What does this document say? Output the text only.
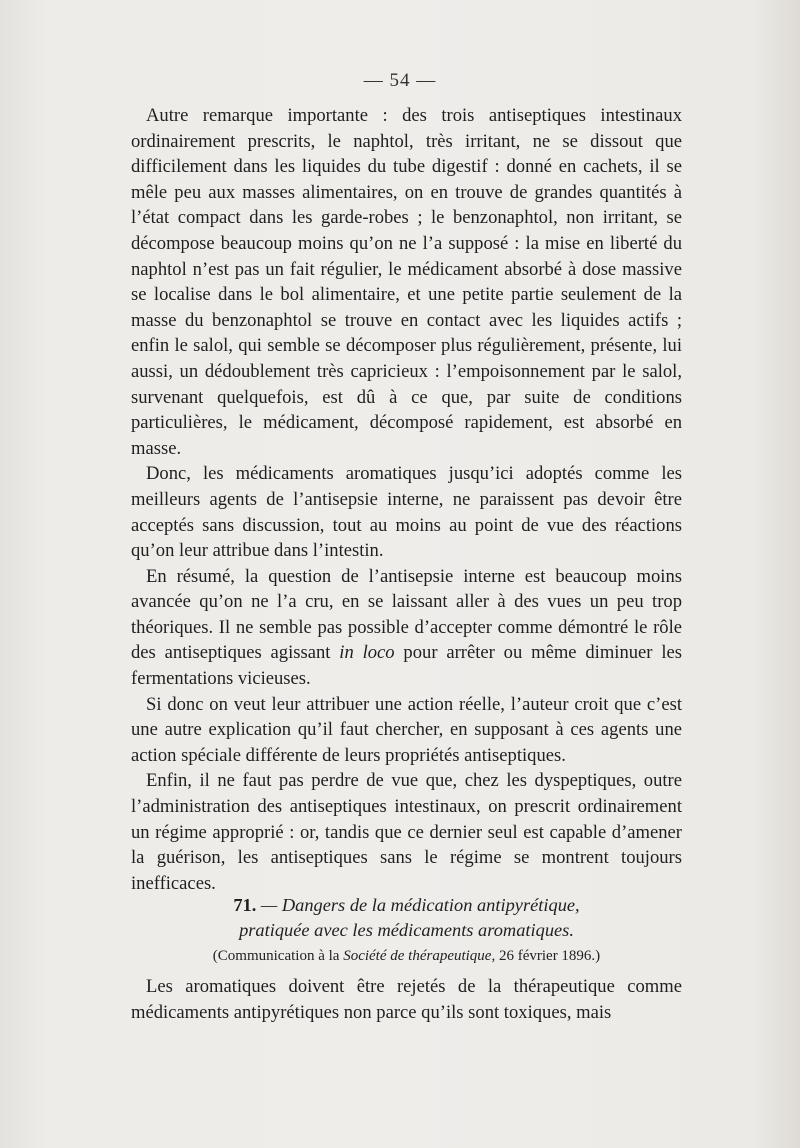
— 54 —

Autre remarque importante : des trois antiseptiques intestinaux ordinairement prescrits, le naphtol, très irritant, ne se dissout que difficilement dans les liquides du tube digestif : donné en cachets, il se mêle peu aux masses alimentaires, on en trouve de grandes quantités à l’état compact dans les garde-robes ; le benzonaphtol, non irritant, se décompose beaucoup moins qu’on ne l’a supposé : la mise en liberté du naphtol n’est pas un fait régulier, le médicament absorbé à dose massive se localise dans le bol alimentaire, et une petite partie seulement de la masse du benzonaphtol se trouve en contact avec les liquides actifs ; enfin le salol, qui semble se décomposer plus régulièrement, présente, lui aussi, un dédoublement très capricieux : l’empoisonnement par le salol, survenant quelquefois, est dû à ce que, par suite de conditions particulières, le médicament, décomposé rapidement, est absorbé en masse.

Donc, les médicaments aromatiques jusqu’ici adoptés comme les meilleurs agents de l’antisepsie interne, ne paraissent pas devoir être acceptés sans discussion, tout au moins au point de vue des réactions qu’on leur attribue dans l’intestin.

En résumé, la question de l’antisepsie interne est beaucoup moins avancée qu’on ne l’a cru, en se laissant aller à des vues un peu trop théoriques. Il ne semble pas possible d’accepter comme démontré le rôle des antiseptiques agissant in loco pour arrêter ou même diminuer les fermentations vicieuses.

Si donc on veut leur attribuer une action réelle, l’auteur croit que c’est une autre explication qu’il faut chercher, en supposant à ces agents une action spéciale différente de leurs propriétés antiseptiques.

Enfin, il ne faut pas perdre de vue que, chez les dyspeptiques, outre l’administration des antiseptiques intestinaux, on prescrit ordinairement un régime approprié : or, tandis que ce dernier seul est capable d’amener la guérison, les antiseptiques sans le régime se montrent toujours inefficaces.

71. — Dangers de la médication antipyrétique,
pratiquée avec les médicaments aromatiques.
(Communication à la Société de thérapeutique, 26 février 1896.)

Les aromatiques doivent être rejetés de la thérapeutique comme médicaments antipyrétiques non parce qu’ils sont toxiques, mais
